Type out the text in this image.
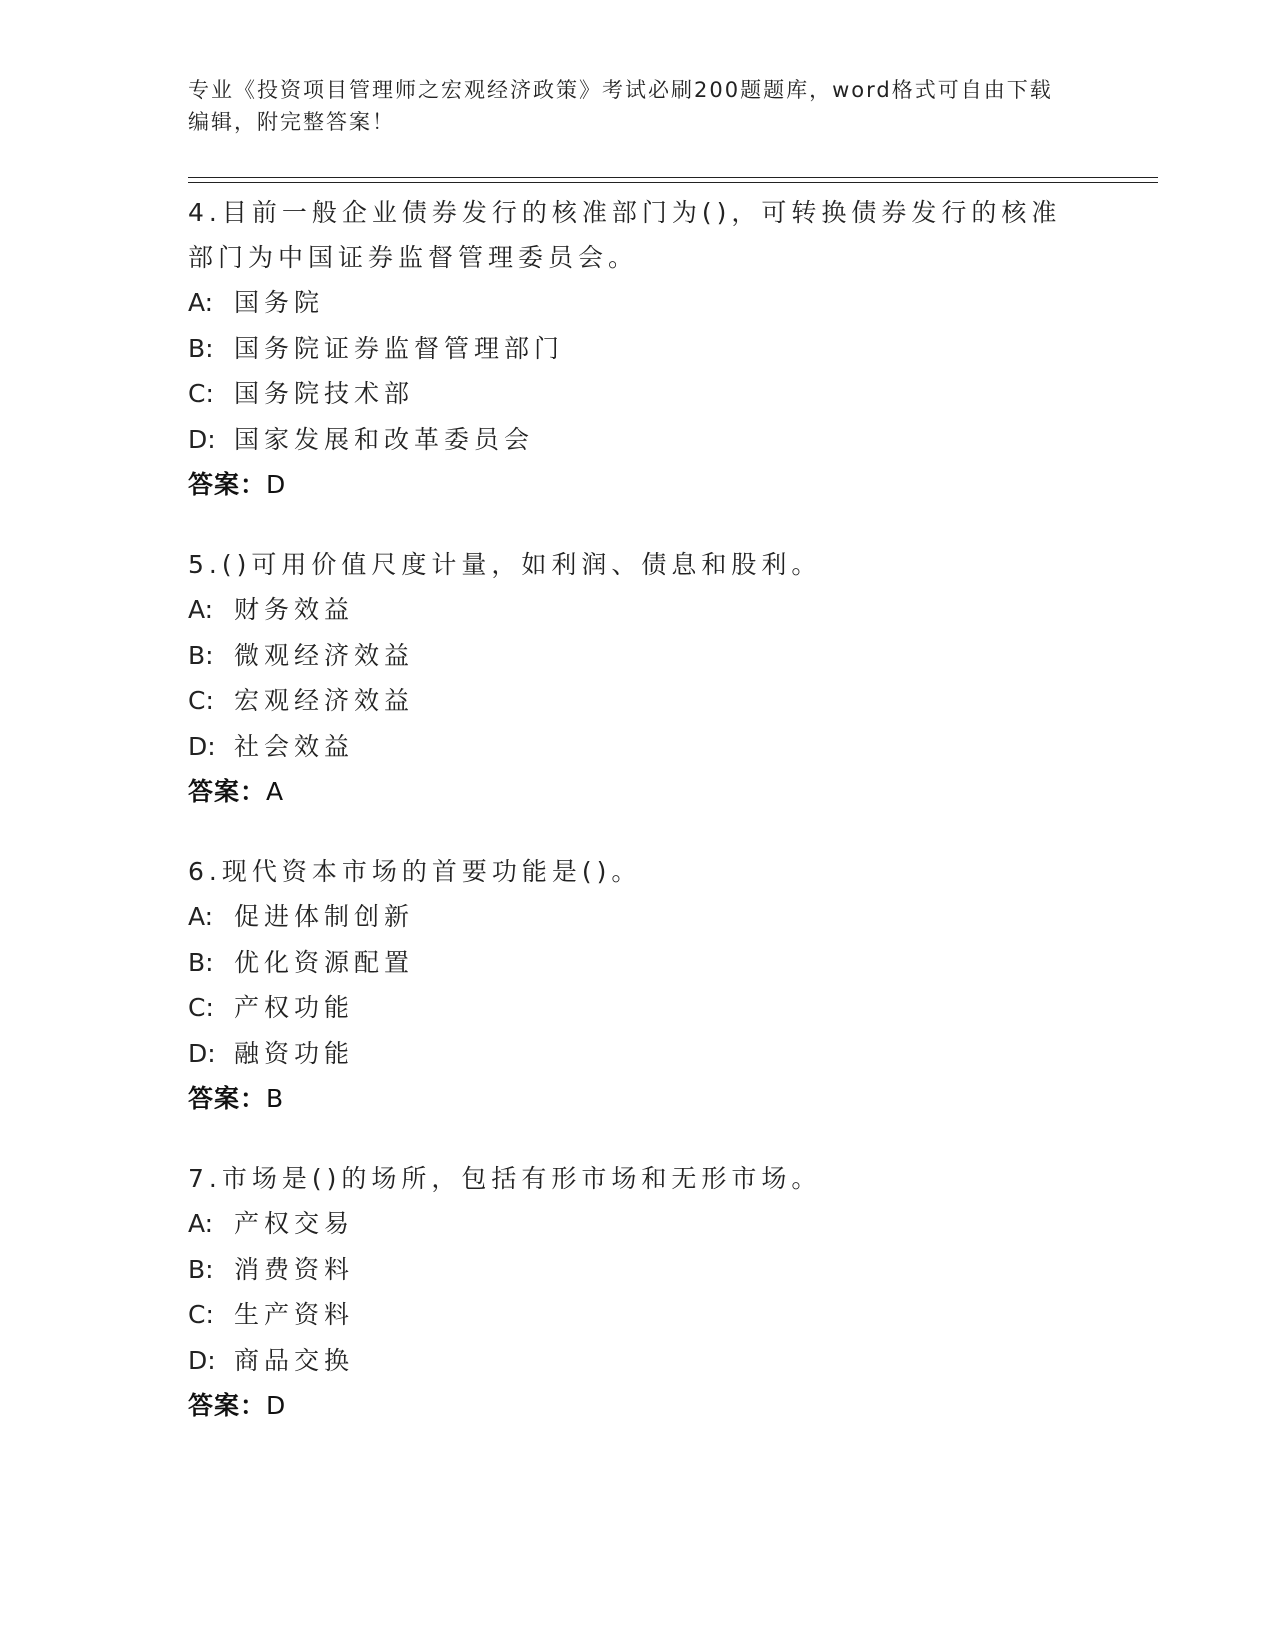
专业《投资项目管理师之宏观经济政策》考试必刷200题题库，word格式可自由下载编辑，附完整答案！
4.目前一般企业债券发行的核准部门为()，可转换债券发行的核准部门为中国证券监督管理委员会。
A: 国务院
B: 国务院证券监督管理部门
C: 国务院技术部
D: 国家发展和改革委员会
答案：D
5.()可用价值尺度计量，如利润、债息和股利。
A: 财务效益
B: 微观经济效益
C: 宏观经济效益
D: 社会效益
答案：A
6.现代资本市场的首要功能是()。
A: 促进体制创新
B: 优化资源配置
C: 产权功能
D: 融资功能
答案：B
7.市场是()的场所，包括有形市场和无形市场。
A: 产权交易
B: 消费资料
C: 生产资料
D: 商品交换
答案：D
